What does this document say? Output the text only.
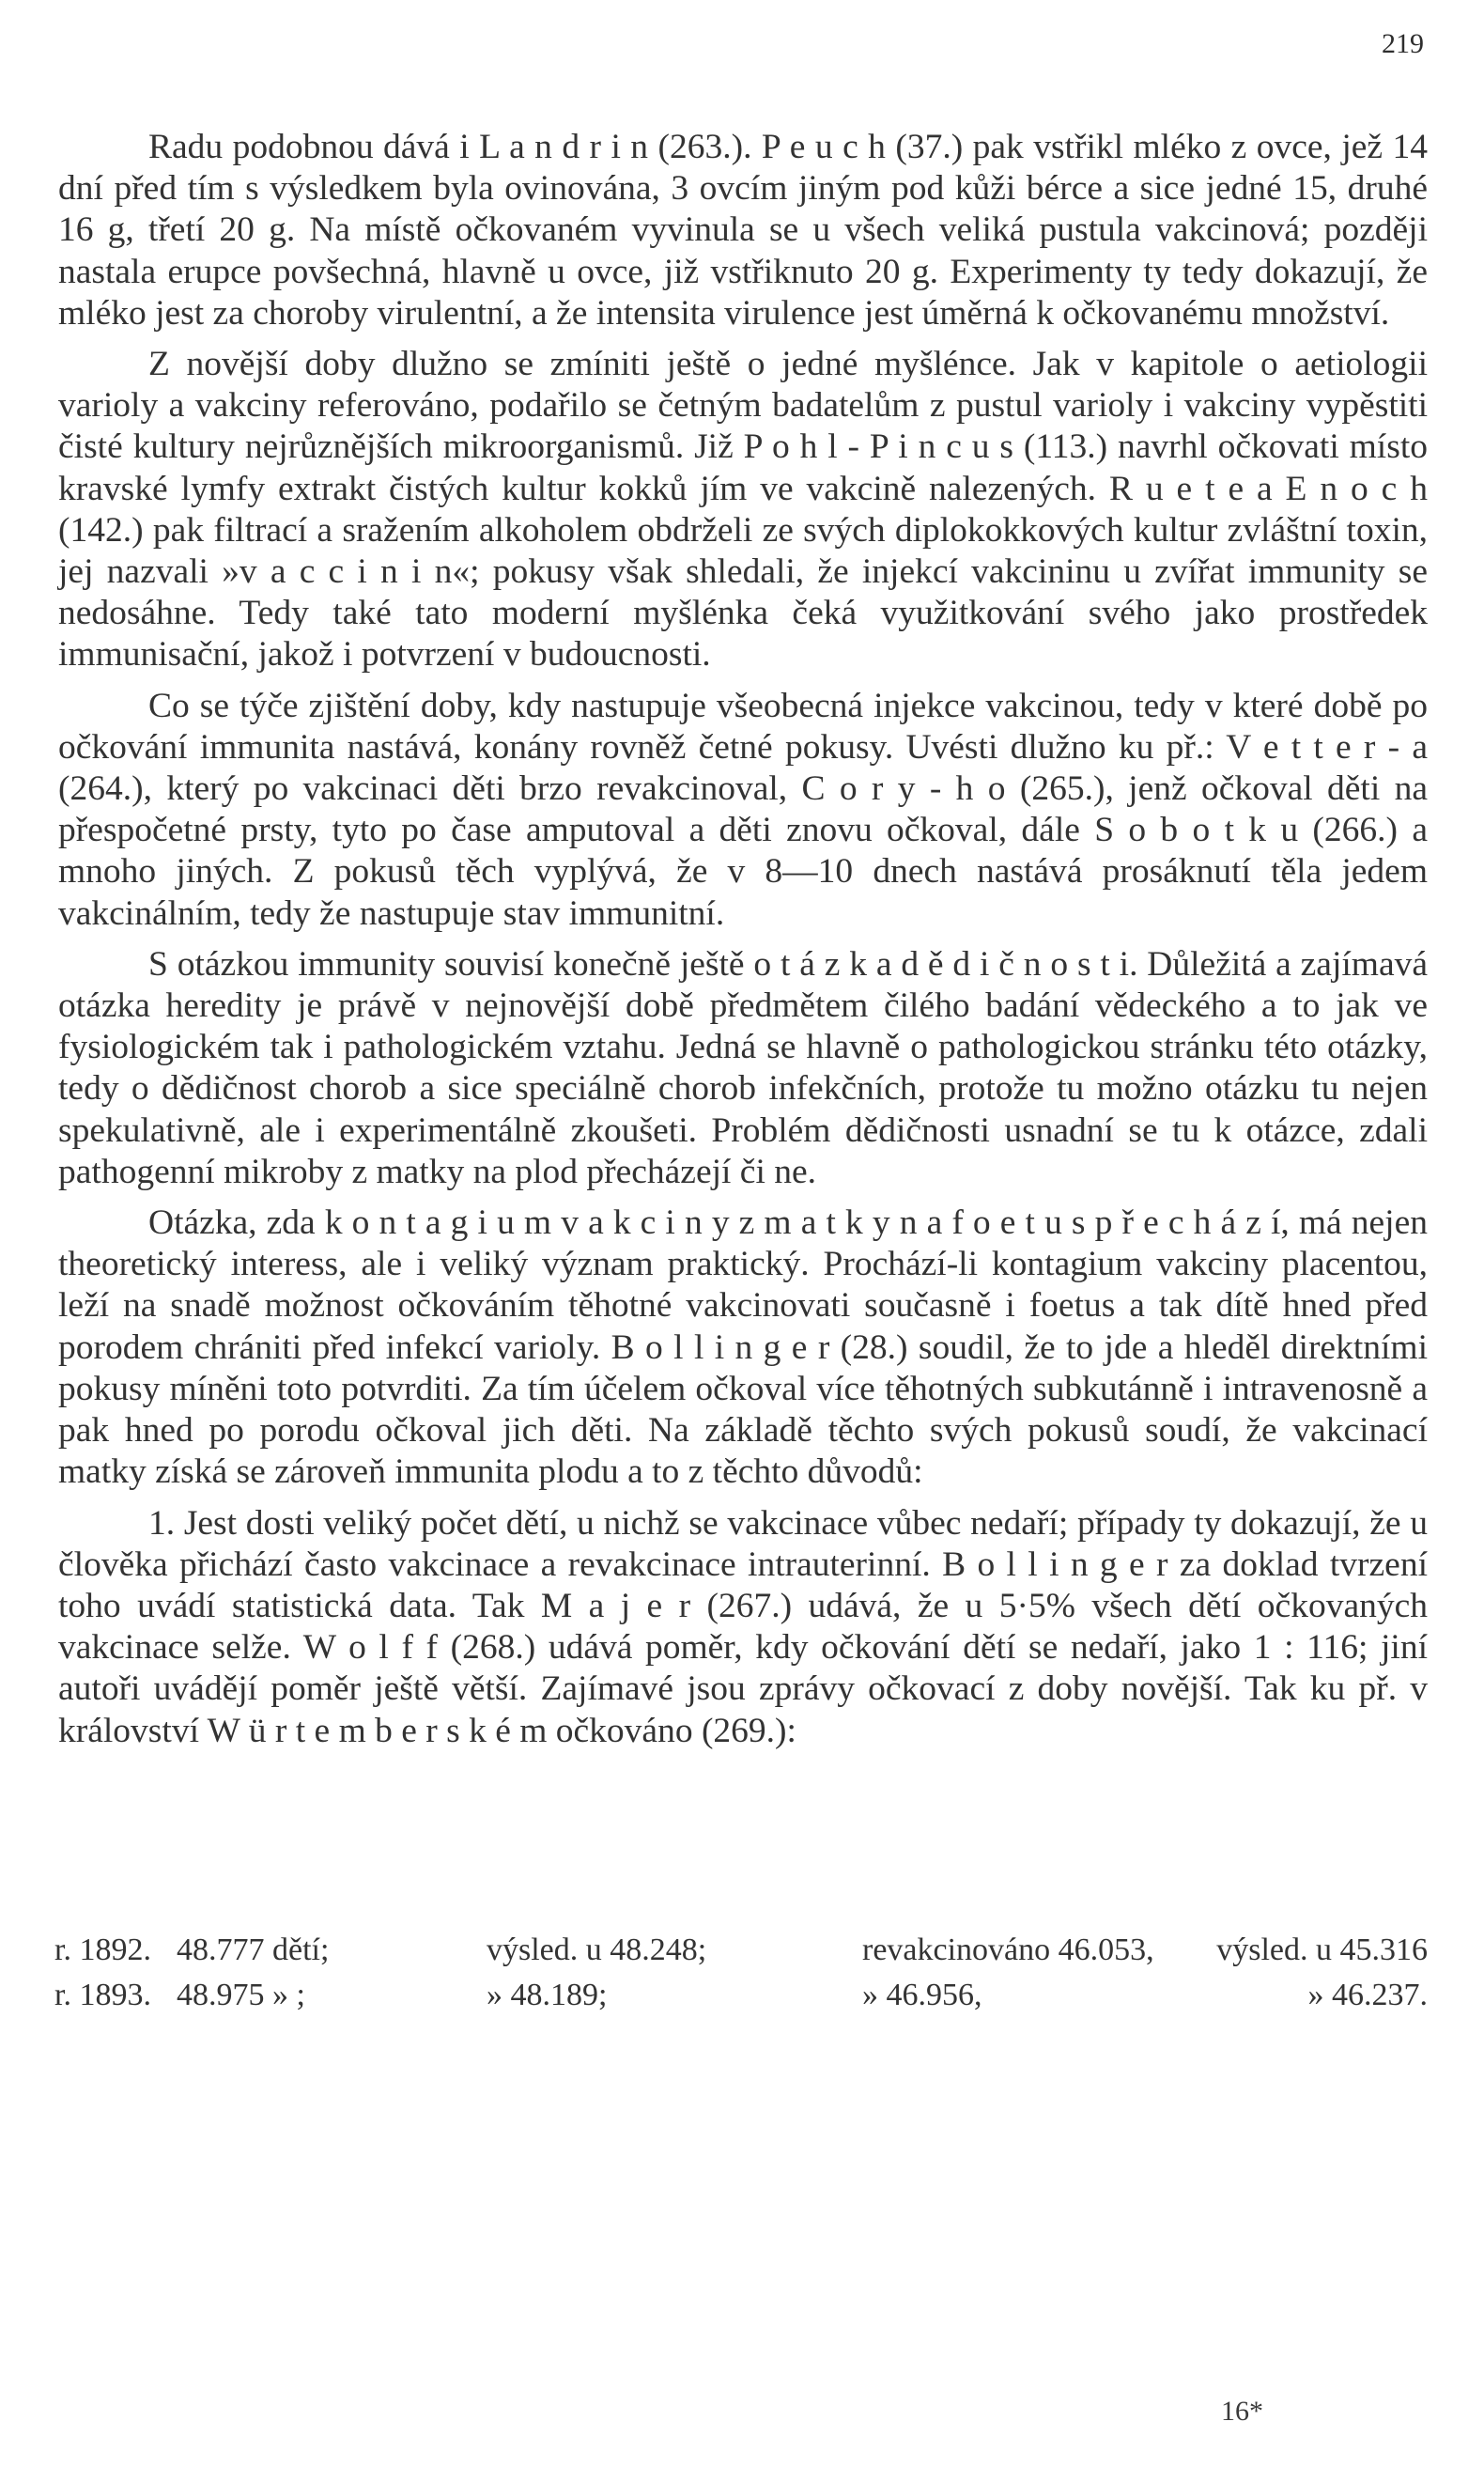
219

Radu podobnou dává i L a n d r i n (263.). P e u c h (37.) pak vstřikl mléko z ovce, jež 14 dní před tím s výsledkem byla ovinována, 3 ovcím jiným pod kůži bérce a sice jedné 15, druhé 16 g, třetí 20 g. Na místě očkovaném vyvinula se u všech veliká pustula vakcinová; později nastala erupce povšechná, hlavně u ovce, již vstřiknuto 20 g. Experimenty ty tedy dokazují, že mléko jest za choroby virulentní, a že intensita virulence jest úměrná k očkovanému množství.

Z novější doby dlužno se zmíniti ještě o jedné myšlénce. Jak v kapitole o aetiologii varioly a vakciny referováno, podařilo se četným badatelům z pustul varioly i vakciny vypěstiti čisté kultury nejrůznějších mikroorganismů. Již P o h l - P i n c u s (113.) navrhl očkovati místo kravské lymfy extrakt čistých kultur kokků jím ve vakcině nalezených. R u e t e a E n o c h (142.) pak filtrací a sražením alkoholem obdrželi ze svých diplokokkových kultur zvláštní toxin, jej nazvali »v a c c i n i n«; pokusy však shledali, že injekcí vakcininu u zvířat immunity se nedosáhne. Tedy také tato moderní myšlénka čeká využitkování svého jako prostředek immunisační, jakož i potvrzení v budoucnosti.

Co se týče zjištění doby, kdy nastupuje všeobecná injekce vakcinou, tedy v které době po očkování immunita nastává, konány rovněž četné pokusy. Uvésti dlužno ku př.: V e t t e r - a (264.), který po vakcinaci děti brzo revakcinoval, C o r y - h o (265.), jenž očkoval děti na přespočetné prsty, tyto po čase amputoval a děti znovu očkoval, dále S o b o t k u (266.) a mnoho jiných. Z pokusů těch vyplývá, že v 8—10 dnech nastává prosáknutí těla jedem vakcinálním, tedy že nastupuje stav immunitní.

S otázkou immunity souvisí konečně ještě o t á z k a d ě d i č n o s t i. Důležitá a zajímavá otázka heredity je právě v nejnovější době předmětem čilého badání vědeckého a to jak ve fysiologickém tak i pathologickém vztahu. Jedná se hlavně o pathologickou stránku této otázky, tedy o dědičnost chorob a sice speciálně chorob infekčních, protože tu možno otázku tu nejen spekulativně, ale i experimentálně zkoušeti. Problém dědičnosti usnadní se tu k otázce, zdali pathogenní mikroby z matky na plod přecházejí či ne.

Otázka, zda k o n t a g i u m v a k c i n y z m a t k y n a f o e t u s p ř e c h á z í, má nejen theoretický interess, ale i veliký význam praktický. Prochází-li kontagium vakciny placentou, leží na snadě možnost očkováním těhotné vakcinovati současně i foetus a tak dítě hned před porodem chrániti před infekcí varioly. B o l l i n g e r (28.) soudil, že to jde a hleděl direktními pokusy míněni toto potvrditi. Za tím účelem očkoval více těhotných subkutánně i intravenosně a pak hned po porodu očkoval jich děti. Na základě těchto svých pokusů soudí, že vakcinací matky získá se zároveň immunita plodu a to z těchto důvodů:

1. Jest dosti veliký počet dětí, u nichž se vakcinace vůbec nedaří; případy ty dokazují, že u člověka přichází často vakcinace a revakcinace intrauterinní. B o l l i n g e r za doklad tvrzení toho uvádí statistická data. Tak M a j e r (267.) udává, že u 5·5% všech dětí očkovaných vakcinace selže. W o l f f (268.) udává poměr, kdy očkování dětí se nedaří, jako 1 : 116; jiní autoři uvádějí poměr ještě větší. Zajímavé jsou zprávy očkovací z doby novější. Tak ku př. v království W ü r t e m b e r s k é m očkováno (269.):

r. 1892.	48.777 dětí;	výsled. u 48.248;	revakcinováno 46.053,	výsled. u 45.316
r. 1893.	48.975 » ;	» 48.189;	» 46.956,	» 46.237.
16*
